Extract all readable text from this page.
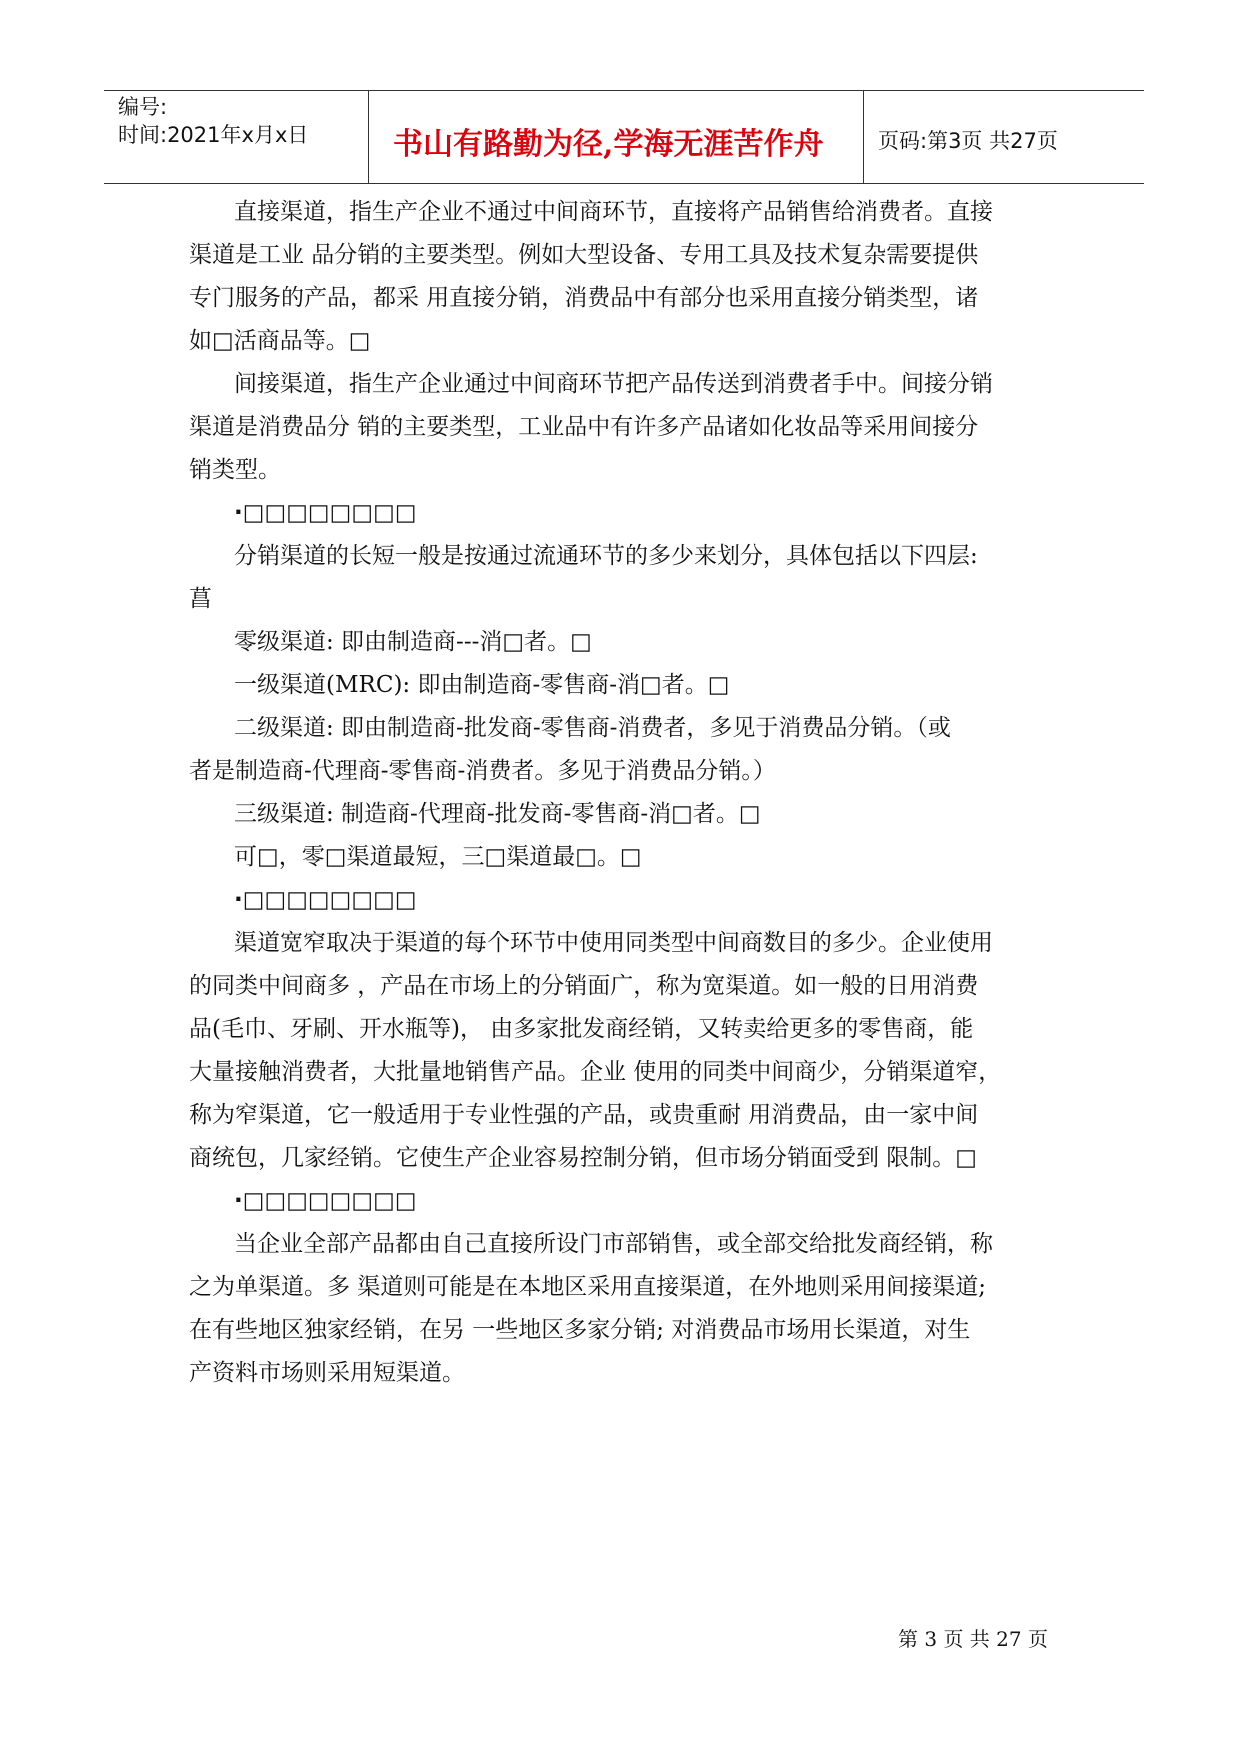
编号:
时间:2021年x月x日	书山有路勤为径,学海无涯苦作舟	页码:第3页 共27页
直接渠道，指生产企业不通过中间商环节，直接将产品销售给消费者。直接
渠道是工业 品分销的主要类型。例如大型设备、专用工具及技术复杂需要提供
专门服务的产品，都采 用直接分销，消费品中有部分也采用直接分销类型，诸
如□活商品等。□
间接渠道，指生产企业通过中间商环节把产品传送到消费者手中。间接分销
渠道是消费品分 销的主要类型，工业品中有许多产品诸如化妆品等采用间接分
销类型。
·□□□□□□□□
分销渠道的长短一般是按通过流通环节的多少来划分，具体包括以下四层:
菖
零级渠道: 即由制造商---消□者。□
一级渠道(MRC): 即由制造商-零售商-消□者。□
二级渠道: 即由制造商-批发商-零售商-消费者，多见于消费品分销。（或
者是制造商-代理商-零售商-消费者。多见于消费品分销。）
三级渠道: 制造商-代理商-批发商-零售商-消□者。□
可□，零□渠道最短，三□渠道最□。□
·□□□□□□□□
渠道宽窄取决于渠道的每个环节中使用同类型中间商数目的多少。企业使用
的同类中间商多 ，产品在市场上的分销面广，称为宽渠道。如一般的日用消费
品(毛巾、牙刷、开水瓶等)， 由多家批发商经销，又转卖给更多的零售商，能
大量接触消费者，大批量地销售产品。企业 使用的同类中间商少，分销渠道窄，
称为窄渠道，它一般适用于专业性强的产品，或贵重耐 用消费品，由一家中间
商统包，几家经销。它使生产企业容易控制分销，但市场分销面受到 限制。□
·□□□□□□□□
当企业全部产品都由自己直接所设门市部销售，或全部交给批发商经销，称
之为单渠道。多 渠道则可能是在本地区采用直接渠道，在外地则采用间接渠道;
在有些地区独家经销，在另 一些地区多家分销; 对消费品市场用长渠道，对生
产资料市场则采用短渠道。
第 3 页 共 27 页
